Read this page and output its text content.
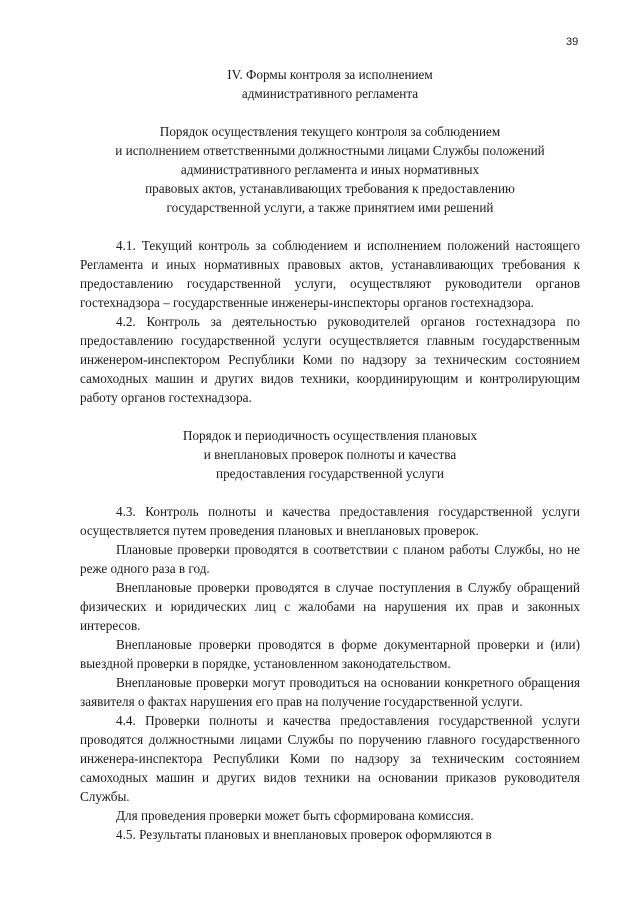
39
IV. Формы контроля за исполнением
административного регламента
Порядок осуществления текущего контроля за соблюдением
и исполнением ответственными должностными лицами Службы положений
административного регламента и иных нормативных
правовых актов, устанавливающих требования к предоставлению
государственной услуги, а также принятием ими решений
4.1. Текущий контроль за соблюдением и исполнением положений настоящего Регламента и иных нормативных правовых актов, устанавливающих требования к предоставлению государственной услуги, осуществляют руководители органов гостехнадзора – государственные инженеры-инспекторы органов гостехнадзора.
4.2. Контроль за деятельностью руководителей органов гостехнадзора по предоставлению государственной услуги осуществляется главным государственным инженером-инспектором Республики Коми по надзору за техническим состоянием самоходных машин и других видов техники, координирующим и контролирующим работу органов гостехнадзора.
Порядок и периодичность осуществления плановых
и внеплановых проверок полноты и качества
предоставления государственной услуги
4.3. Контроль полноты и качества предоставления государственной услуги осуществляется путем проведения плановых и внеплановых проверок.
Плановые проверки проводятся в соответствии с планом работы Службы, но не реже одного раза в год.
Внеплановые проверки проводятся в случае поступления в Службу обращений физических и юридических лиц с жалобами на нарушения их прав и законных интересов.
Внеплановые проверки проводятся в форме документарной проверки и (или) выездной проверки в порядке, установленном законодательством.
Внеплановые проверки могут проводиться на основании конкретного обращения заявителя о фактах нарушения его прав на получение государственной услуги.
4.4. Проверки полноты и качества предоставления государственной услуги проводятся должностными лицами Службы по поручению главного государственного инженера-инспектора Республики Коми по надзору за техническим состоянием самоходных машин и других видов техники на основании приказов руководителя Службы.
Для проведения проверки может быть сформирована комиссия.
4.5. Результаты плановых и внеплановых проверок оформляются в
